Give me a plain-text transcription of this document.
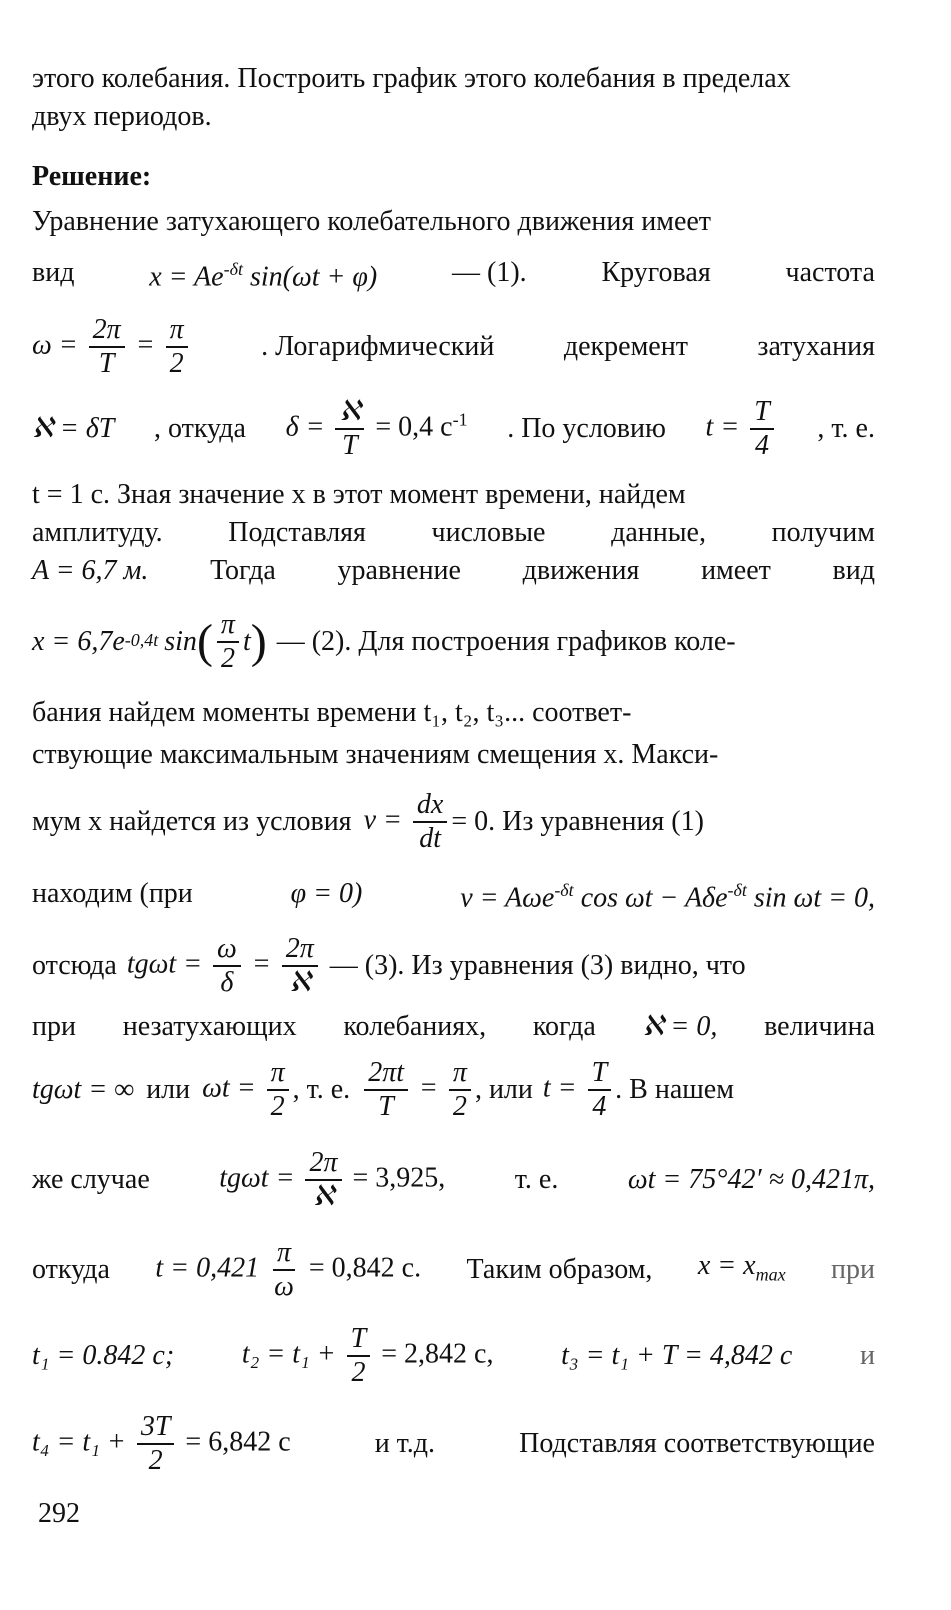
этого колебания. Построить график этого колебания в пределах
двух периодов.
Решение:
Уравнение затухающего колебательного движения имеет
вид	$x = Ae^{-\delta t}$ sin(ωt + φ)	— (1).	Круговая	частота
$\omega = \frac{2\pi}{T} = \frac{\pi}{2}$	. Логарифмический декремент затухания
ℵ = δT , откуда $\delta = \frac{\text{ℵ}}{T} = 0,4$ $с^{-1}$ . По условию $t = \frac{T}{4}$ , т. е.
t = 1 с. Зная значение x в этот момент времени, найдем
амплитуду. Подставляя числовые данные, получим
A = 6,7 м. Тогда уравнение движения имеет вид
x = 6,7e -0,4t sin ( $\frac{\pi}{2}$ t ) — (2). Для построения графиков коле-
бания найдем моменты времени t₁, t₂, t₃... соответ-
ствующие максимальным значениям смещения x. Макси-
мум x найдется из условия $v = \frac{dx}{dt} = 0$. Из уравнения (1)
находим (при	φ = 0)	v = Aωe$^{-\delta t}$ cos ωt − Aδe$^{-\delta t}$ sin ωt = 0,
отсюда $tg\omega t = \frac{\omega}{\delta} = \frac{2\pi}{\text{ℵ}}$ — (3). Из уравнения (3) видно, что
при незатухающих колебаниях, когда ℵ = 0, величина
tgωt = ∞ или $\omega t = \frac{\pi}{2}$ , т. е. $\frac{2\pi t}{T} = \frac{\pi}{2}$ , или $t = \frac{T}{4}$ . В нашем
же случае $tg\omega t = \frac{2\pi}{\text{ℵ}} = 3,925$, т. е. ωt = 75°42′ ≈ 0,421π,
откуда $t = 0,421 \frac{\pi}{\omega} = 0,842$ с. Таким образом, $x = x_{max}$ при
t₁ = 0.842 с; $t_2 = t_1 + \frac{T}{2} = 2,842$ с, t₃ = t₁ + T = 4,842 с и
$t_4 = t_1 + \frac{3T}{2} = 6,842$ с	и т.д.	Подставляя соответствующие
292
